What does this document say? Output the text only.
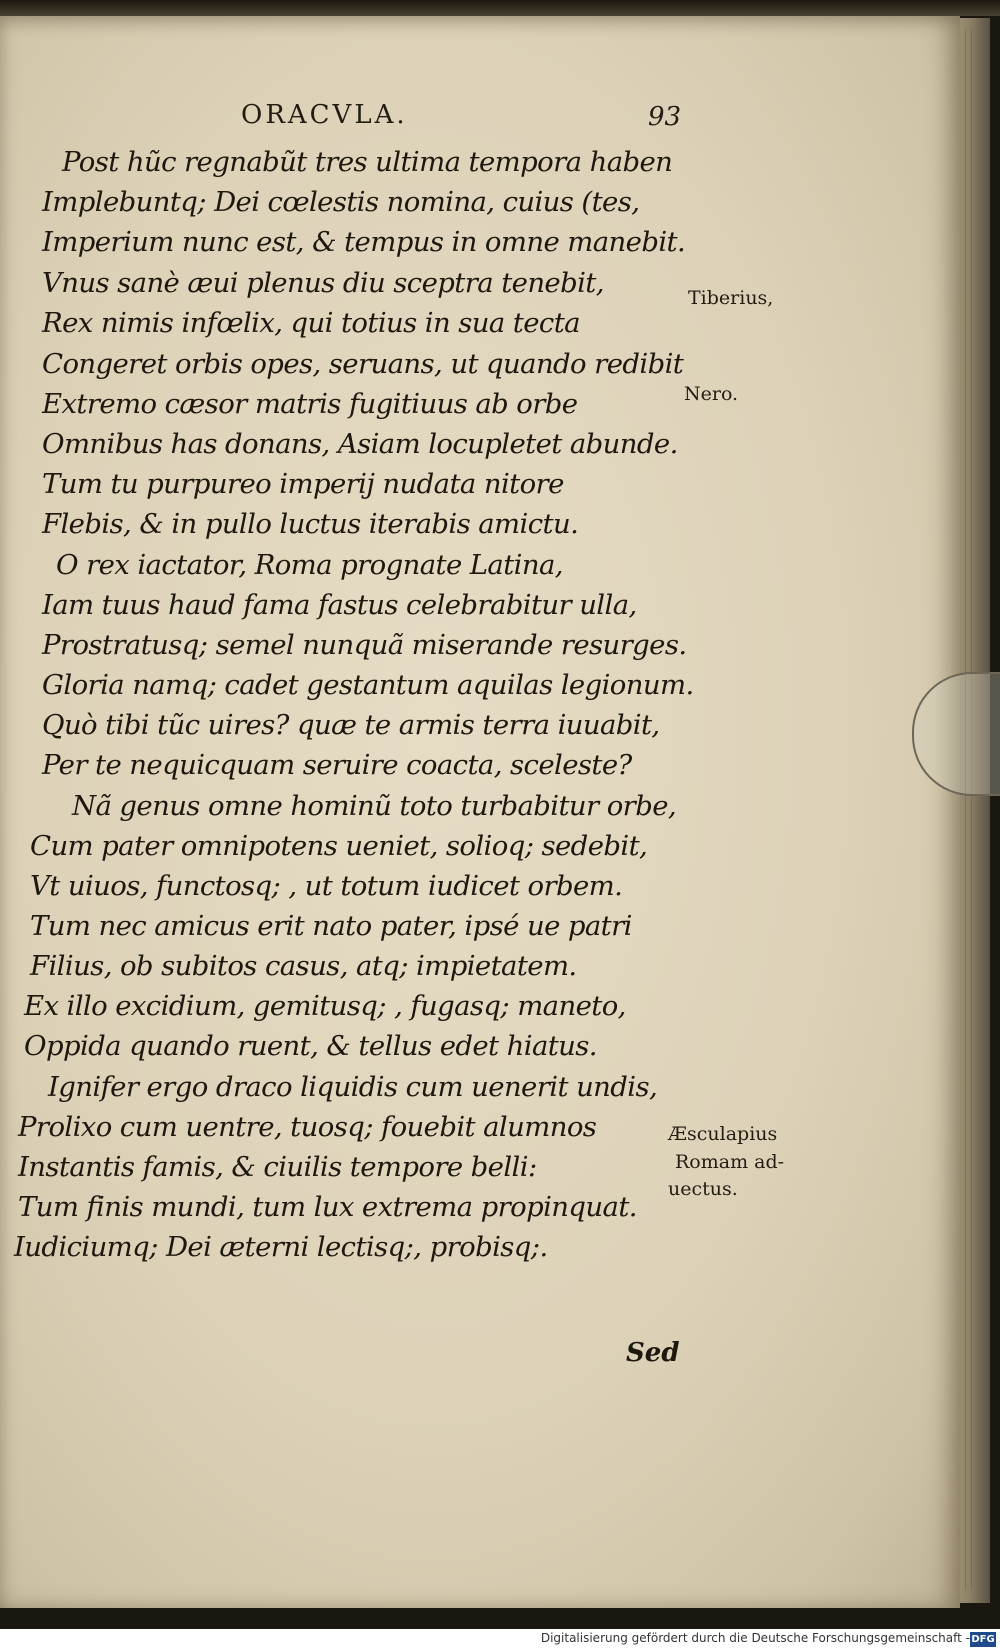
ORACVLA.	93
Post hũc regnabũt tres ultima tempora haben
Implebuntq; Dei cœlestis nomina, cuius (tes,
Imperium nunc est, & tempus in omne manebit.
Vnus sanè æui plenus diu sceptra tenebit,
Rex nimis infœlix, qui totius in sua tecta
Congeret orbis opes, seruans, ut quando redibit
Extremo cæsor matris fugitiuus ab orbe
Omnibus has donans, Asiam locupletet abunde.
Tum tu purpureo imperij nudata nitore
Flebis, & in pullo luctus iterabis amictu.
O rex iactator, Roma prognate Latina,
Iam tuus haud fama fastus celebrabitur ulla,
Prostratusq; semel nunquã miserande resurges.
Gloria namq; cadet gestantum aquilas legionum.
Quò tibi tũc uires? quæ te armis terra iuuabit,
Per te nequicquam seruire coacta, sceleste?
Nã genus omne hominũ toto turbabitur orbe,
Cum pater omnipotens ueniet, solioq; sedebit,
Vt uiuos, functosq; , ut totum iudicet orbem.
Tum nec amicus erit nato pater, ipsé ue patri
Filius, ob subitos casus, atq; impietatem.
Ex illo excidium, gemitusq; , fugasq; maneto,
Oppida quando ruent, & tellus edet hiatus.
Ignifer ergo draco liquidis cum uenerit undis,
Prolixo cum uentre, tuosq; fouebit alumnos
Instantis famis, & ciuilis tempore belli:
Tum finis mundi, tum lux extrema propinquat.
Iudiciumq; Dei æterni lectisq;, probisq;.
Tiberius,
Nero.
Æsculapius
Romam ad-
uectus.
Sed
Digitalisierung gefördert durch die Deutsche Forschungsgemeinschaft - DFG
